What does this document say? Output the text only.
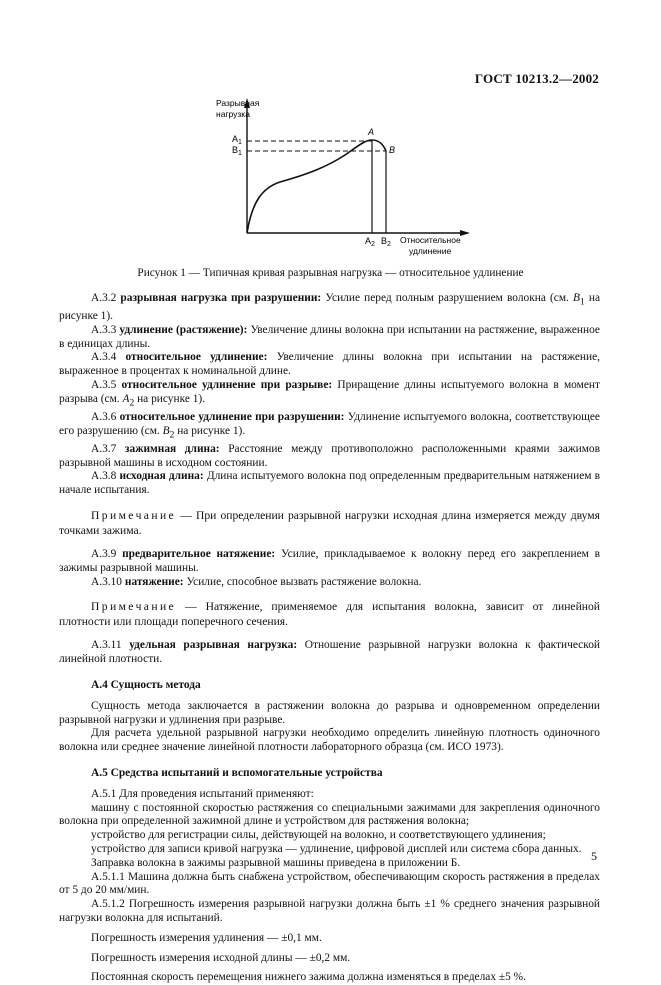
ГОСТ 10213.2—2002
Разрывная
нагрузка
$A_1$
$B_1$
A
B
$A_2$ $B_2$ Относительное
удлинение
Рисунок 1 — Типичная кривая разрывная нагрузка — относительное удлинение

А.3.2 разрывная нагрузка при разрушении: Усилие перед полным разрушением волокна (см. $B_1$ на рисунке 1).

А.3.3 удлинение (растяжение): Увеличение длины волокна при испытании на растяжение, выраженное в единицах длины.

А.3.4 относительное удлинение: Увеличение длины волокна при испытании на растяжение, выраженное в процентах к номинальной длине.

А.3.5 относительное удлинение при разрыве: Приращение длины испытуемого волокна в момент разрыва (см. $A_2$ на рисунке 1).

А.3.6 относительное удлинение при разрушении: Удлинение испытуемого волокна, соответствующее его разрушению (см. $B_2$ на рисунке 1).

А.3.7 зажимная длина: Расстояние между противоположно расположенными краями зажимов разрывной машины в исходном состоянии.

А.3.8 исходная длина: Длина испытуемого волокна под определенным предварительным натяжением в начале испытания.

Примечание — При определении разрывной нагрузки исходная длина измеряется между двумя точками зажима.

А.3.9 предварительное натяжение: Усилие, прикладываемое к волокну перед его закреплением в зажимы разрывной машины.

А.3.10 натяжение: Усилие, способное вызвать растяжение волокна.

Примечание — Натяжение, применяемое для испытания волокна, зависит от линейной плотности или площади поперечного сечения.

А.3.11 удельная разрывная нагрузка: Отношение разрывной нагрузки волокна к фактической линейной плотности.

А.4 Сущность метода

Сущность метода заключается в растяжении волокна до разрыва и одновременном определении разрывной нагрузки и удлинения при разрыве.

Для расчета удельной разрывной нагрузки необходимо определить линейную плотность одиночного волокна или среднее значение линейной плотности лабораторного образца (см. ИСО 1973).

А.5 Средства испытаний и вспомогательные устройства

А.5.1 Для проведения испытаний применяют:

машину с постоянной скоростью растяжения со специальными зажимами для закрепления одиночного волокна при определенной зажимной длине и устройством для растяжения волокна;

устройство для регистрации силы, действующей на волокно, и соответствующего удлинения;

устройство для записи кривой нагрузка — удлинение, цифровой дисплей или система сбора данных.

Заправка волокна в зажимы разрывной машины приведена в приложении Б.

А.5.1.1 Машина должна быть снабжена устройством, обеспечивающим скорость растяжения в пределах от 5 до 20 мм/мин.

А.5.1.2 Погрешность измерения разрывной нагрузки должна быть ±1 % среднего значения разрывной нагрузки волокна для испытаний.

Погрешность измерения удлинения — ±0,1 мм.

Погрешность измерения исходной длины — ±0,2 мм.

Постоянная скорость перемещения нижнего зажима должна изменяться в пределах ±5 %.

5
